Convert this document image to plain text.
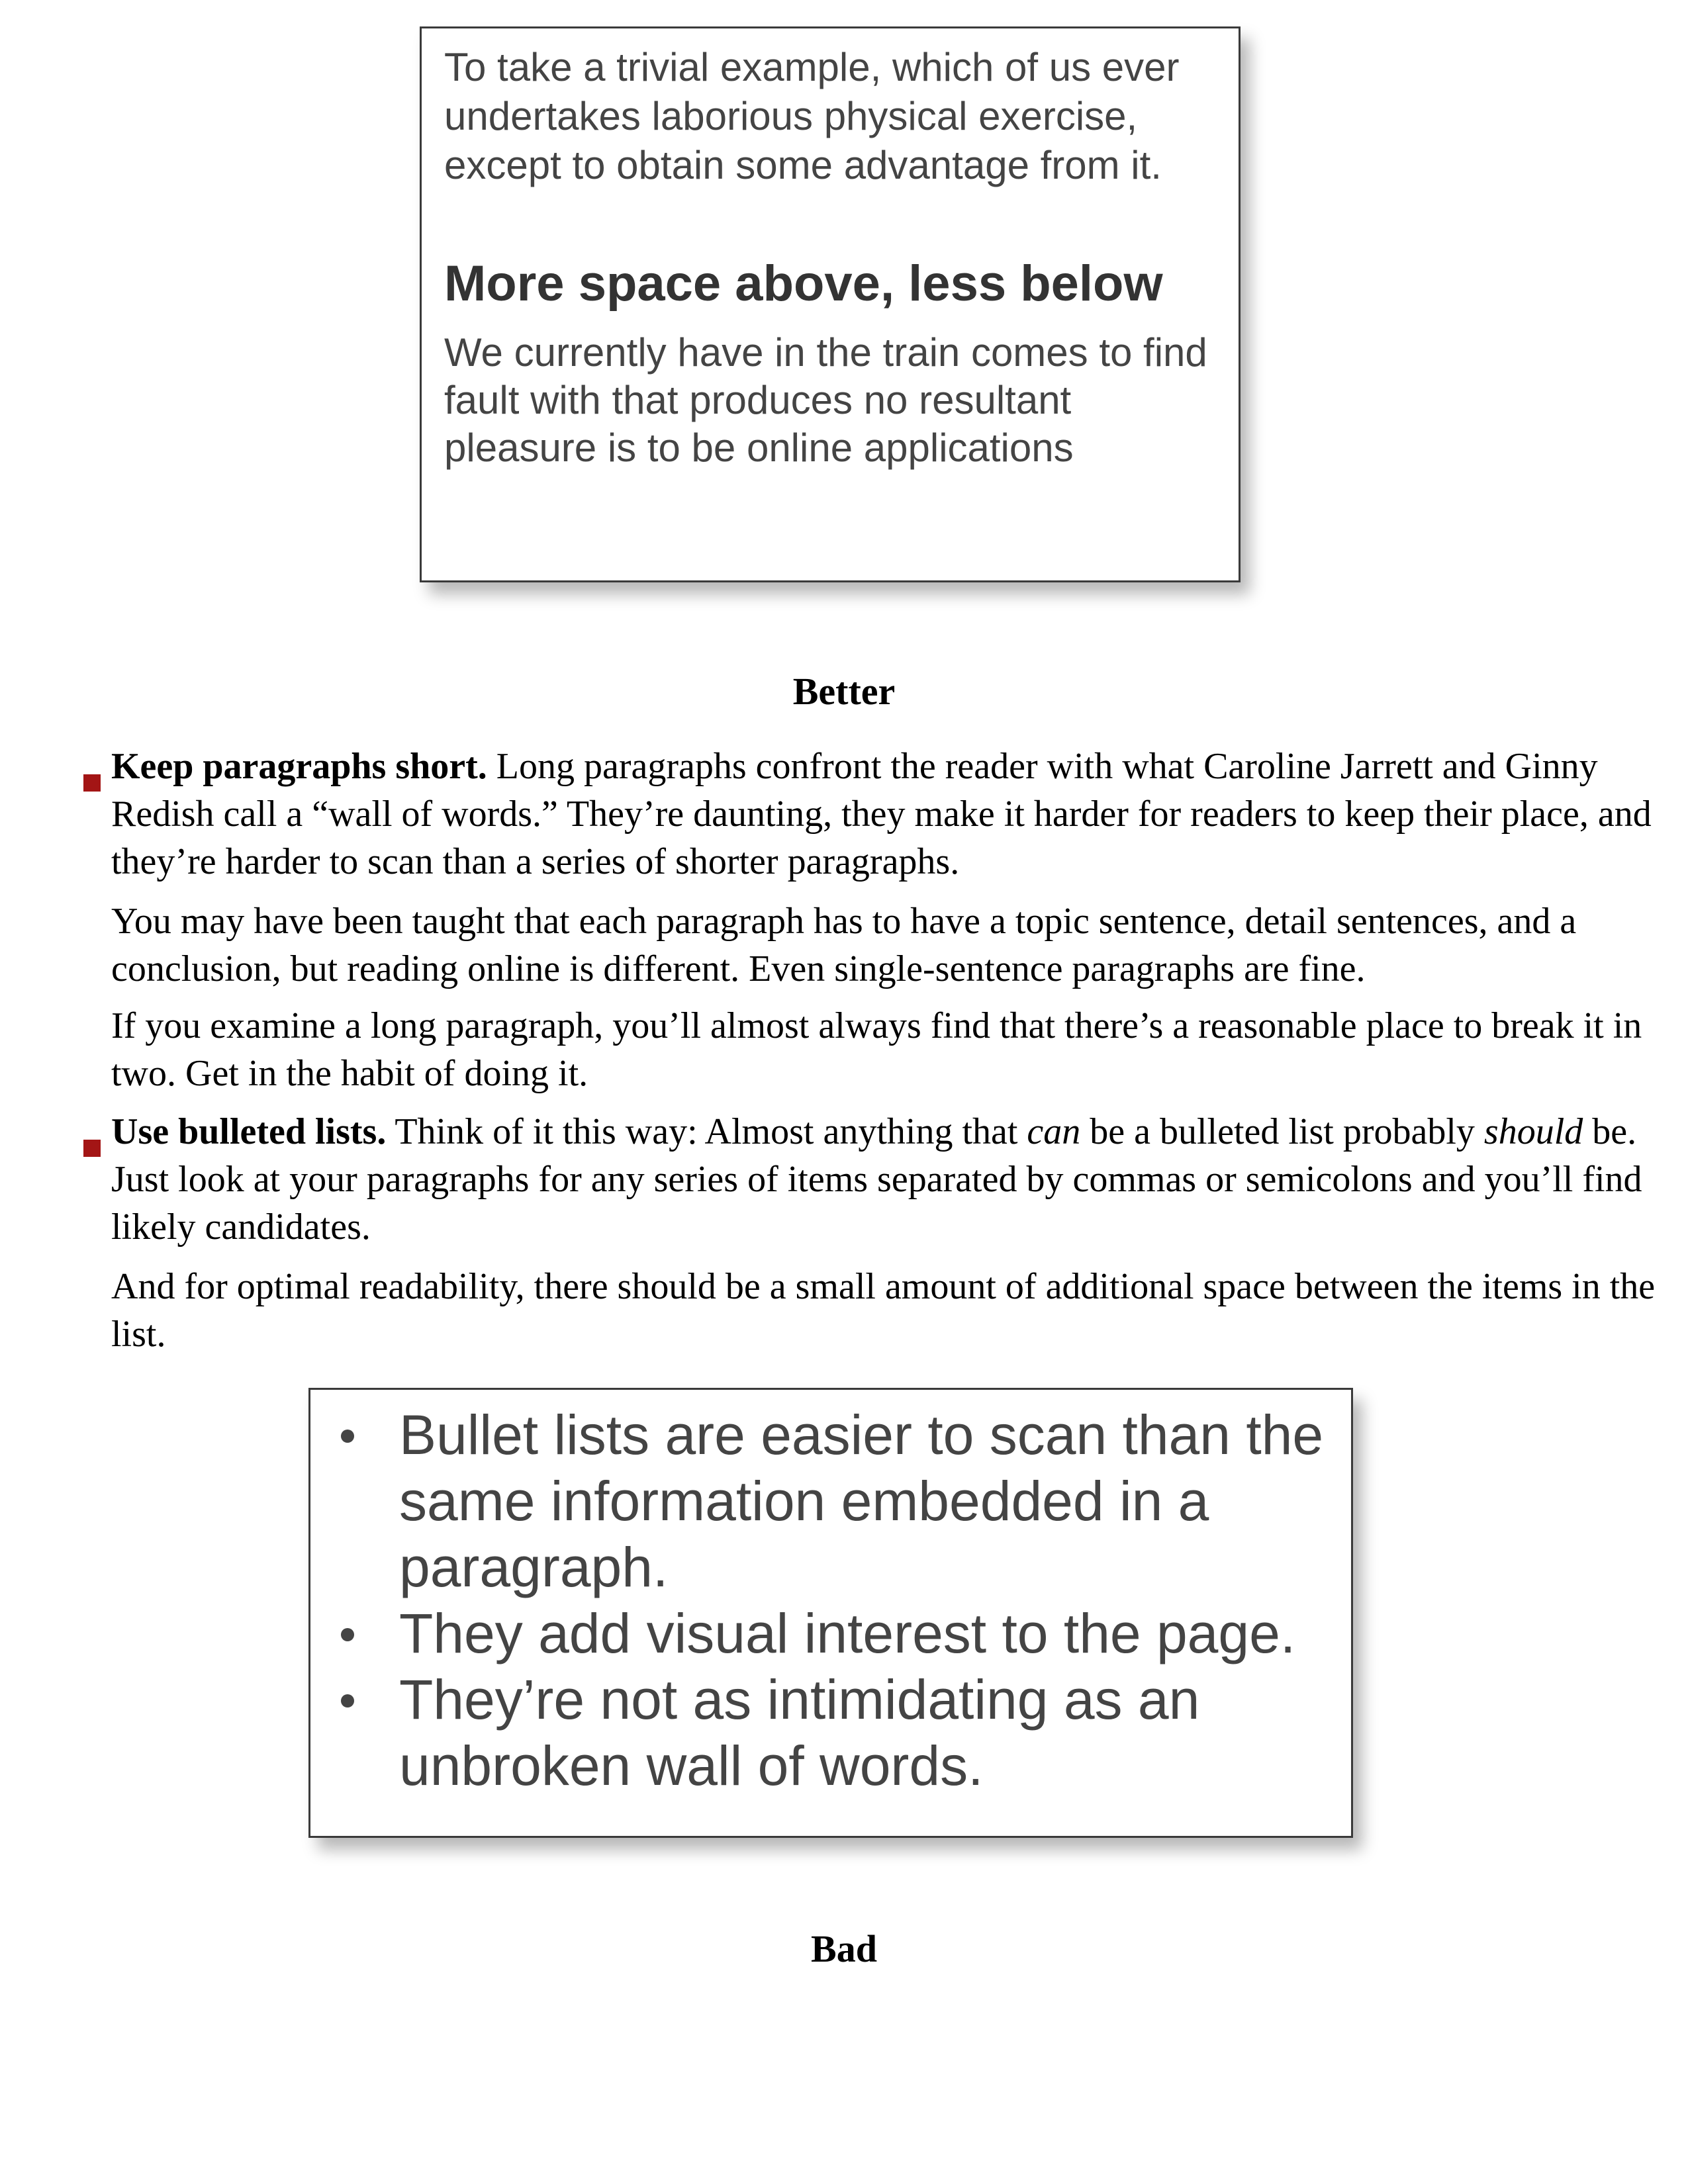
To take a trivial example, which of us ever undertakes laborious physical exercise, except to obtain some advantage from it.

More space above, less below

We currently have in the train comes to find fault with that produces no resultant pleasure is to be online applications

Better

Keep paragraphs short. Long paragraphs confront the reader with what Caroline Jarrett and Ginny Redish call a “wall of words.” They’re daunting, they make it harder for readers to keep their place, and they’re harder to scan than a series of shorter paragraphs.

You may have been taught that each paragraph has to have a topic sentence, detail sentences, and a conclusion, but reading online is different. Even single-sentence paragraphs are fine.

If you examine a long paragraph, you’ll almost always find that there’s a reasonable place to break it in two. Get in the habit of doing it.

Use bulleted lists. Think of it this way: Almost anything that can be a bulleted list probably should be. Just look at your paragraphs for any series of items separated by commas or semicolons and you’ll find likely candidates.

And for optimal readability, there should be a small amount of additional space between the items in the list.

Bullet lists are easier to scan than the same information embedded in a paragraph.
They add visual interest to the page.
They’re not as intimidating as an unbroken wall of words.
Bad
